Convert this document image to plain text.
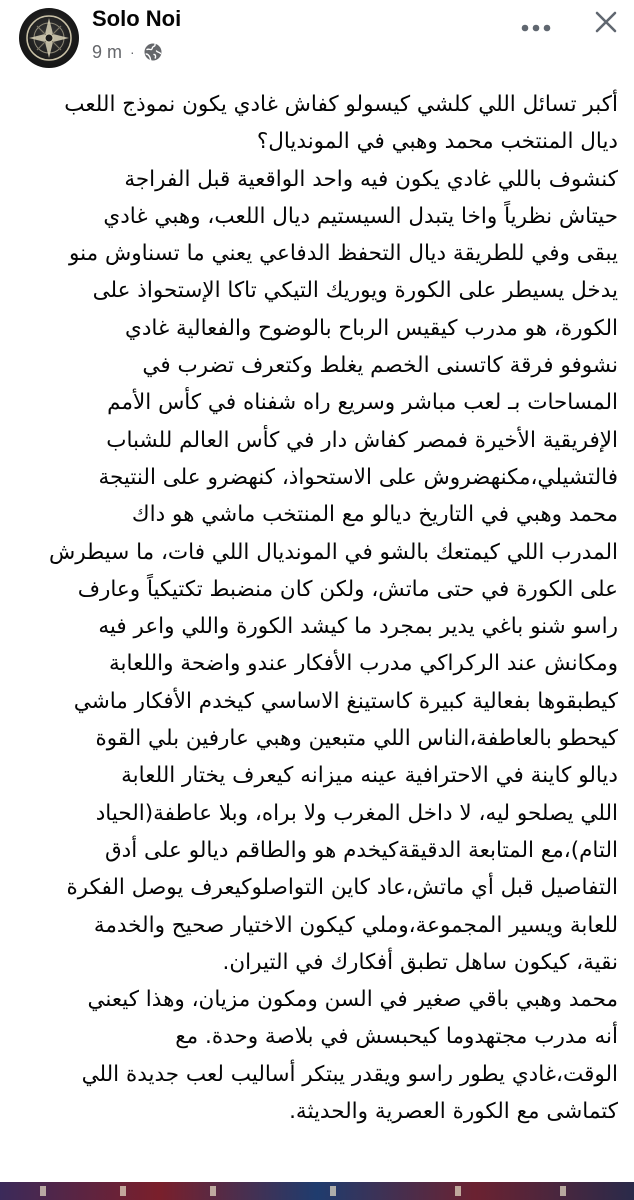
Solo Noi
9 m ·
أكبر تسائل اللي كلشي كيسولو كفاش غادي يكون نموذج اللعب
ديال المنتخب محمد وهبي في المونديال؟
كنشوف باللي غادي يكون فيه واحد الواقعية قبل الفراجة
حيتاش نظرياً واخا يتبدل السيستيم ديال اللعب، وهبي غادي
يبقى وفي للطريقة ديال التحفظ الدفاعي يعني ما تسناوش منو
يدخل يسيطر على الكورة ويوريك التيكي تاكا الإستحواذ على
الكورة، هو مدرب كيقيس الرباح بالوضوح والفعالية غادي
نشوفو فرقة كاتسنى الخصم يغلط وكتعرف تضرب في
المساحات بـ لعب مباشر وسريع راه شفناه في كأس الأمم
الإفريقية الأخيرة فمصر كفاش دار في كأس العالم للشباب
فالتشيلي،مكنهضروش على الاستحواذ، كنهضرو على النتيجة
محمد وهبي في التاريخ ديالو مع المنتخب ماشي هو داك
المدرب اللي كيمتعك بالشو في المونديال اللي فات، ما سيطرش
على الكورة في حتى ماتش، ولكن كان منضبط تكتيكياً وعارف
راسو شنو باغي يدير بمجرد ما كيشد الكورة واللي واعر فيه
ومكانش عند الركراكي مدرب الأفكار عندو واضحة واللعابة
كيطبقوها بفعالية كبيرة كاستينغ الاساسي كيخدم الأفكار ماشي
كيحطو بالعاطفة،الناس اللي متبعين وهبي عارفين بلي القوة
ديالو كاينة في الاحترافية عينه ميزانه كيعرف يختار اللعابة
اللي يصلحو ليه، لا داخل المغرب ولا براه، وبلا عاطفة(الحياد
التام)،مع المتابعة الدقيقةكيخدم هو والطاقم ديالو على أدق
التفاصيل قبل أي ماتش،عاد كاين التواصلوكيعرف يوصل الفكرة
للعابة ويسير المجموعة،وملي كيكون الاختيار صحيح والخدمة
نقية، كيكون ساهل تطبق أفكارك في التيران.
محمد وهبي باقي صغير في السن ومكون مزيان، وهذا كيعني
أنه مدرب مجتهدوما كيحبسش في بلاصة وحدة. مع
الوقت،غادي يطور راسو ويقدر يبتكر أساليب لعب جديدة اللي
كتماشى مع الكورة العصرية والحديثة.
